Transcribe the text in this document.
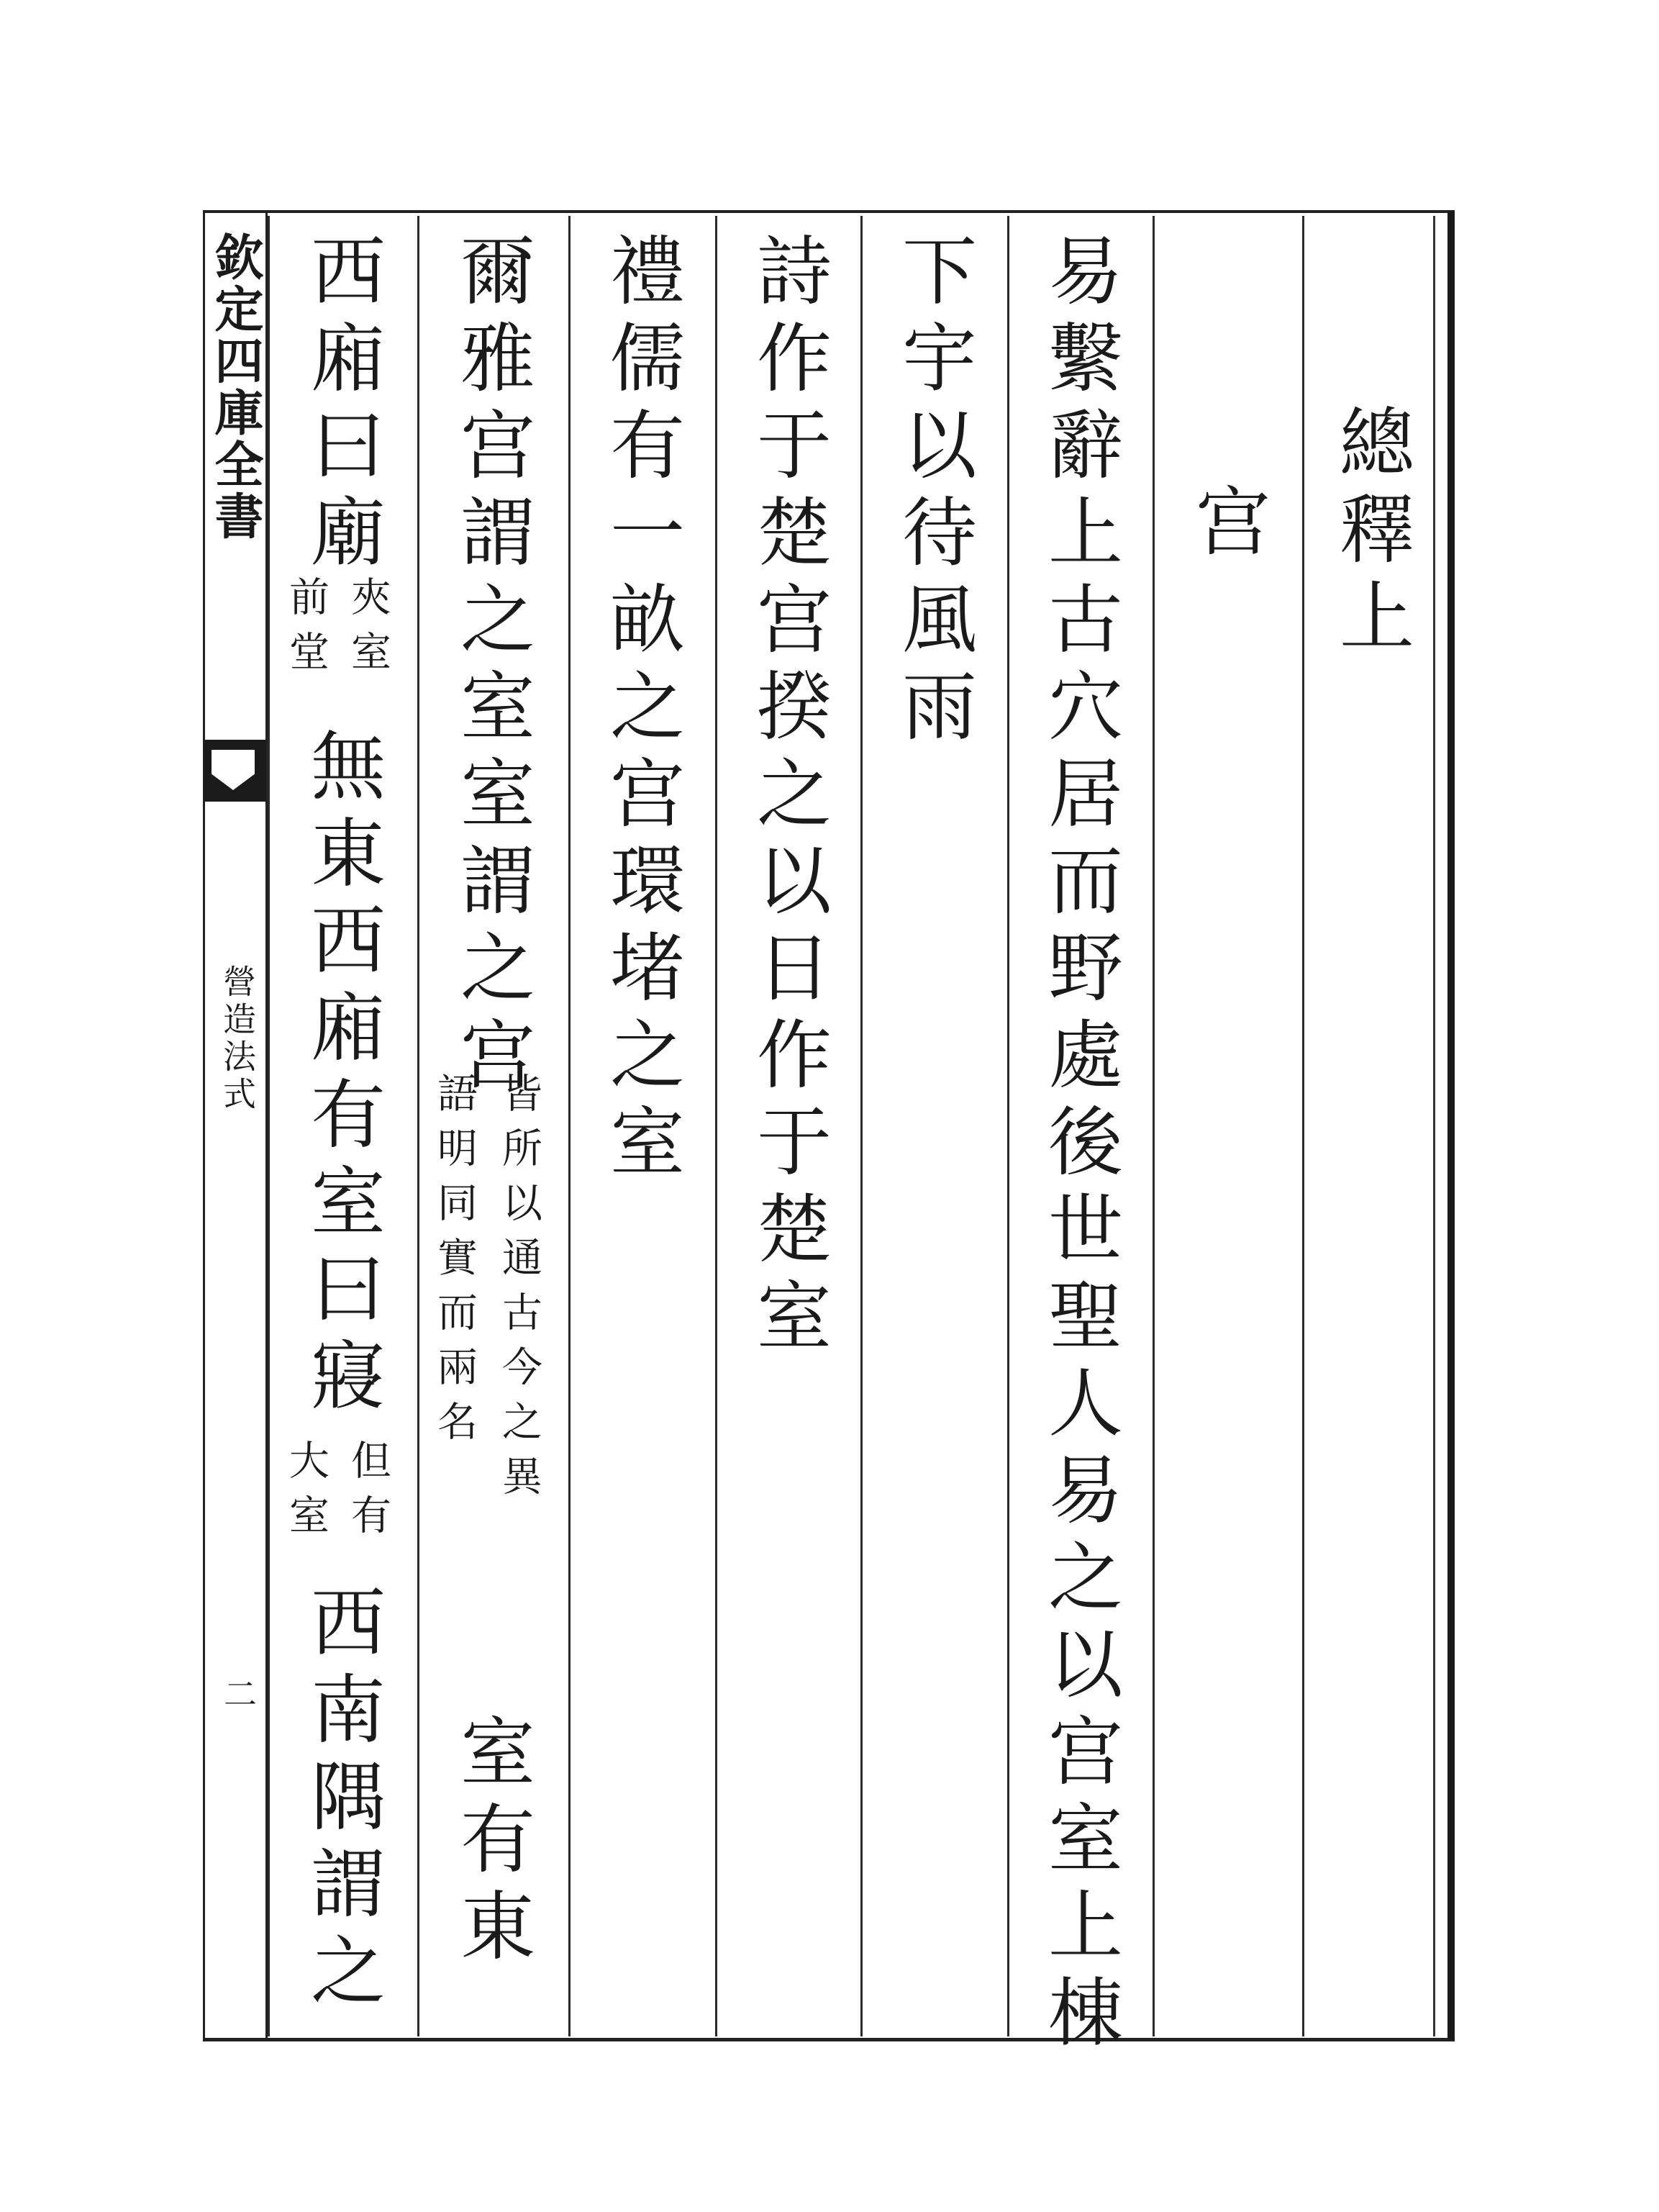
欽定四庫全書
營造法式
二
總釋上
宫
易繫辭上古穴居而野處後世聖人易之以宫室上棟
下宇以待風雨
詩作于楚宫揆之以日作于楚室
禮儒有一畝之宫環堵之室
爾雅宫謂之室室謂之宫
皆所以通古今之異
語明同實而兩名
室有東
西廂曰廟
夾室
前堂
無東西廂有室曰寢
但有
大室
西南隅謂之
